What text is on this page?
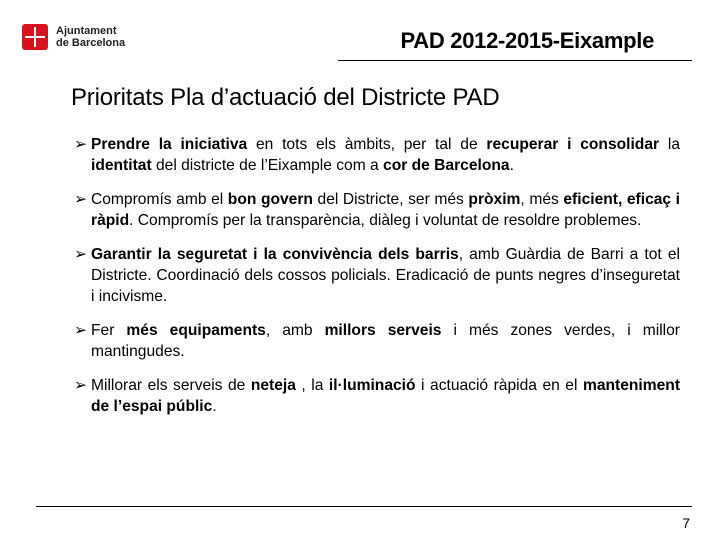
Ajuntament
de Barcelona	PAD 2012-2015-Eixample
Prioritats Pla d’actuació del Districte PAD
➢ Prendre la iniciativa en tots els àmbits, per tal de recuperar i consolidar la identitat del districte de l’Eixample com a cor de Barcelona.
➢ Compromís amb el bon govern del Districte, ser més pròxim, més eficient, eficaç i ràpid. Compromís per la transparència, diàleg i voluntat de resoldre problemes.
➢ Garantir la seguretat i la convivència dels barris, amb Guàrdia de Barri a tot el Districte. Coordinació dels cossos policials. Eradicació de punts negres d’inseguretat i incivisme.
➢ Fer més equipaments, amb millors serveis i més zones verdes, i millor mantingudes.
➢ Millorar els serveis de neteja , la il·luminació i actuació ràpida en el manteniment de l’espai públic.
7
